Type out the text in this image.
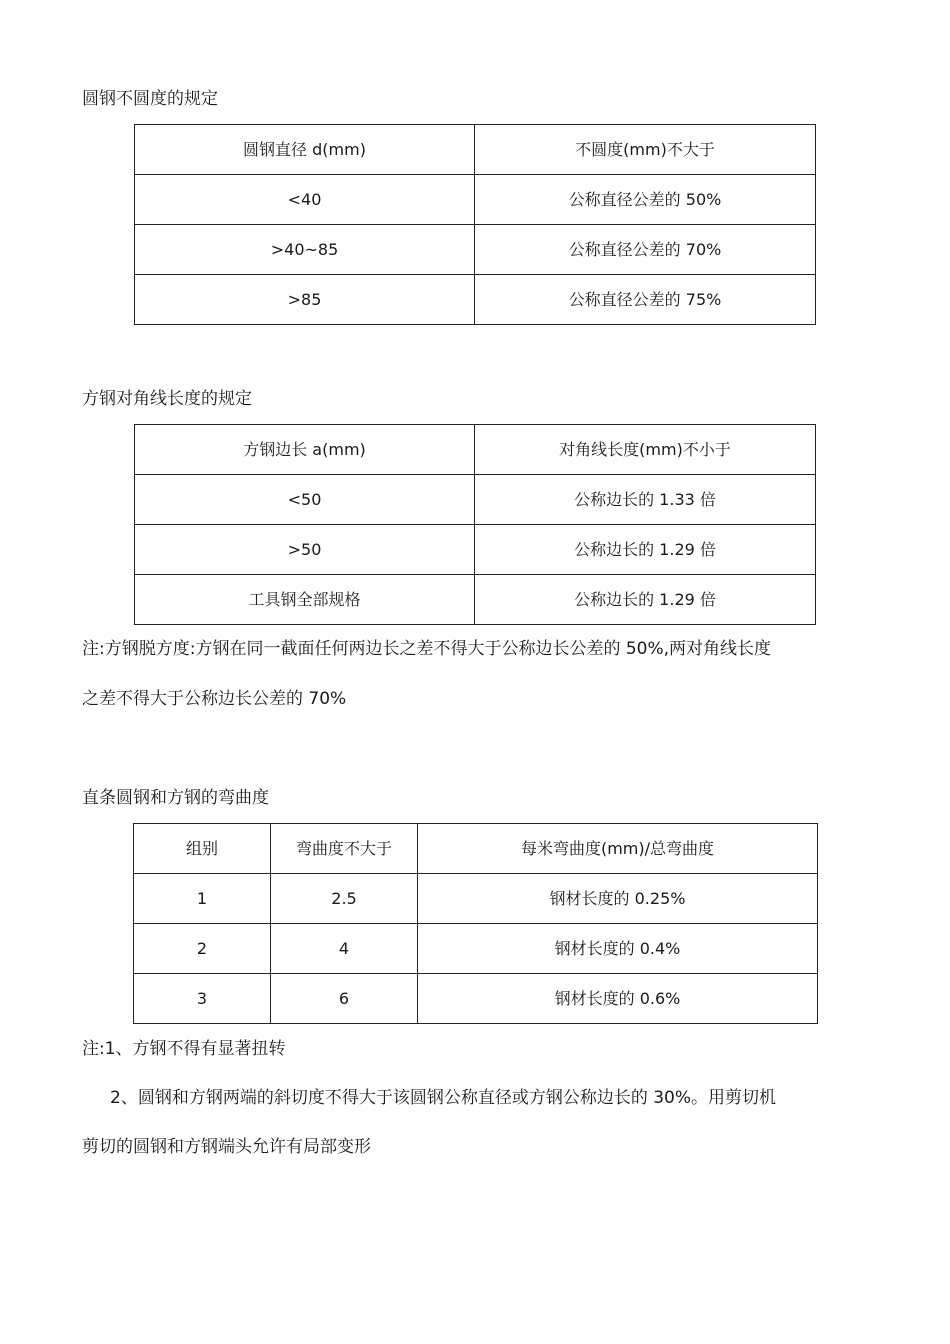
圆钢不圆度的规定
圆钢直径 d(mm)	不圆度(mm)不大于
<40	公称直径公差的 50%
>40~85	公称直径公差的 70%
>85	公称直径公差的 75%
方钢对角线长度的规定
方钢边长 a(mm)	对角线长度(mm)不小于
<50	公称边长的 1.33 倍
>50	公称边长的 1.29 倍
工具钢全部规格	公称边长的 1.29 倍
注:方钢脱方度:方钢在同一截面任何两边长之差不得大于公称边长公差的 50%,两对角线长度
之差不得大于公称边长公差的 70%
直条圆钢和方钢的弯曲度
组别	弯曲度不大于	每米弯曲度(mm)/总弯曲度
1	2.5	钢材长度的 0.25%
2	4	钢材长度的 0.4%
3	6	钢材长度的 0.6%
注:1、方钢不得有显著扭转
2、圆钢和方钢两端的斜切度不得大于该圆钢公称直径或方钢公称边长的 30%。用剪切机
剪切的圆钢和方钢端头允许有局部变形
